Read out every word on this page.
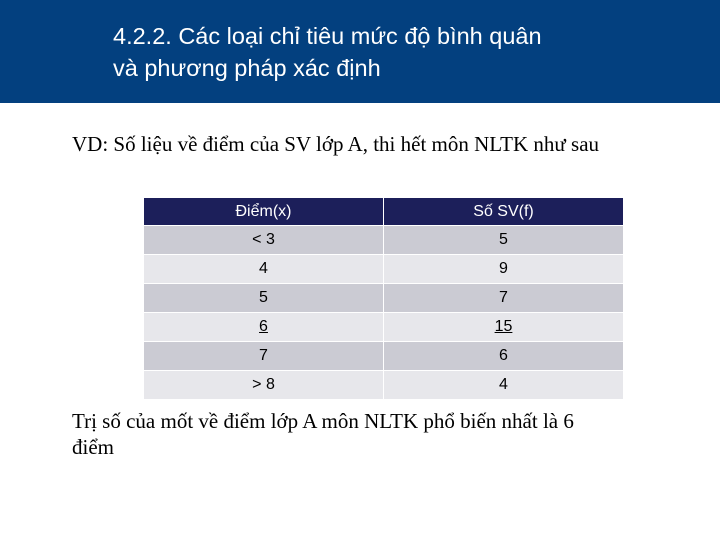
4.2.2. Các loại chỉ tiêu mức độ bình quân
và phương pháp xác định

VD: Số liệu về điểm của SV lớp A, thi hết môn NLTK như sau

Điểm(x)	Số SV(f)
< 3	5
4	9
5	7
6	15
7	6
> 8	4

Trị số của mốt về điểm lớp A môn NLTK phổ biến nhất là 6
điểm
